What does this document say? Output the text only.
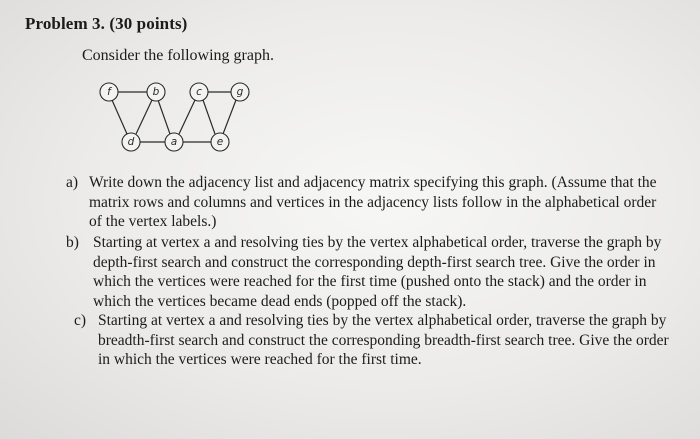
Problem 3. (30 points)

Consider the following graph.

f	b	c	g
d	a	e
a) Write down the adjacency list and adjacency matrix specifying this graph. (Assume that the matrix rows and columns and vertices in the adjacency lists follow in the alphabetical order of the vertex labels.)
b) Starting at vertex a and resolving ties by the vertex alphabetical order, traverse the graph by depth-first search and construct the corresponding depth-first search tree. Give the order in which the vertices were reached for the first time (pushed onto the stack) and the order in which the vertices became dead ends (popped off the stack).
c) Starting at vertex a and resolving ties by the vertex alphabetical order, traverse the graph by breadth-first search and construct the corresponding breadth-first search tree. Give the order in which the vertices were reached for the first time.
